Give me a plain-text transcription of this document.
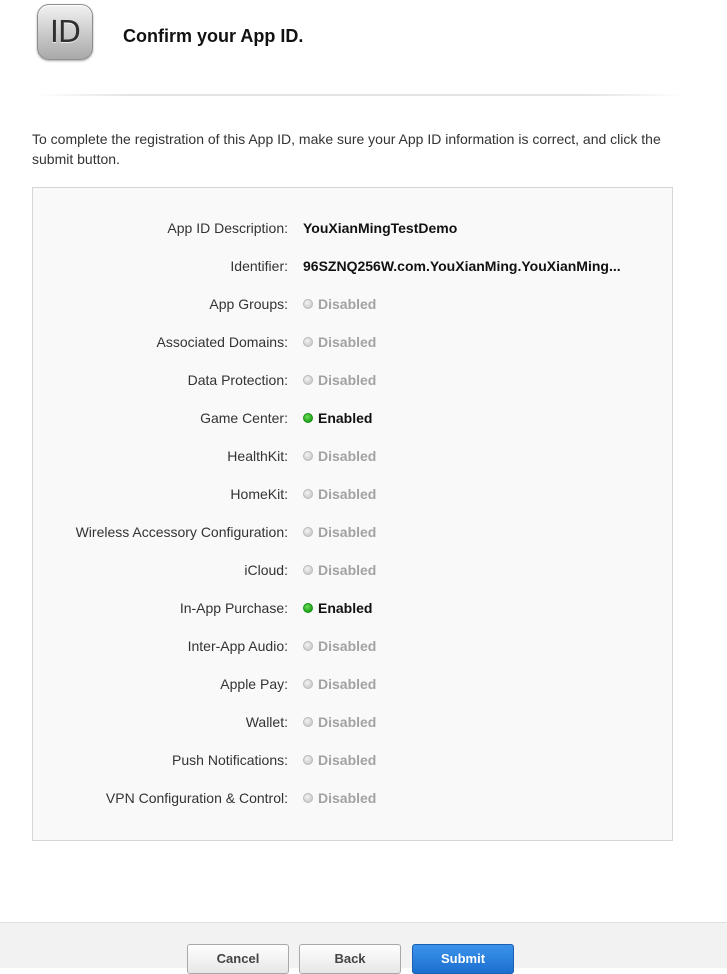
ID Confirm your App ID.
To complete the registration of this App ID, make sure your App ID information is correct, and click the submit button.
App ID Description: YouXianMingTestDemo
Identifier: 96SZNQ256W.com.YouXianMing.YouXianMing...
App Groups: Disabled
Associated Domains: Disabled
Data Protection: Disabled
Game Center: Enabled
HealthKit: Disabled
HomeKit: Disabled
Wireless Accessory Configuration: Disabled
iCloud: Disabled
In-App Purchase: Enabled
Inter-App Audio: Disabled
Apple Pay: Disabled
Wallet: Disabled
Push Notifications: Disabled
VPN Configuration & Control: Disabled
Cancel	Back	Submit
